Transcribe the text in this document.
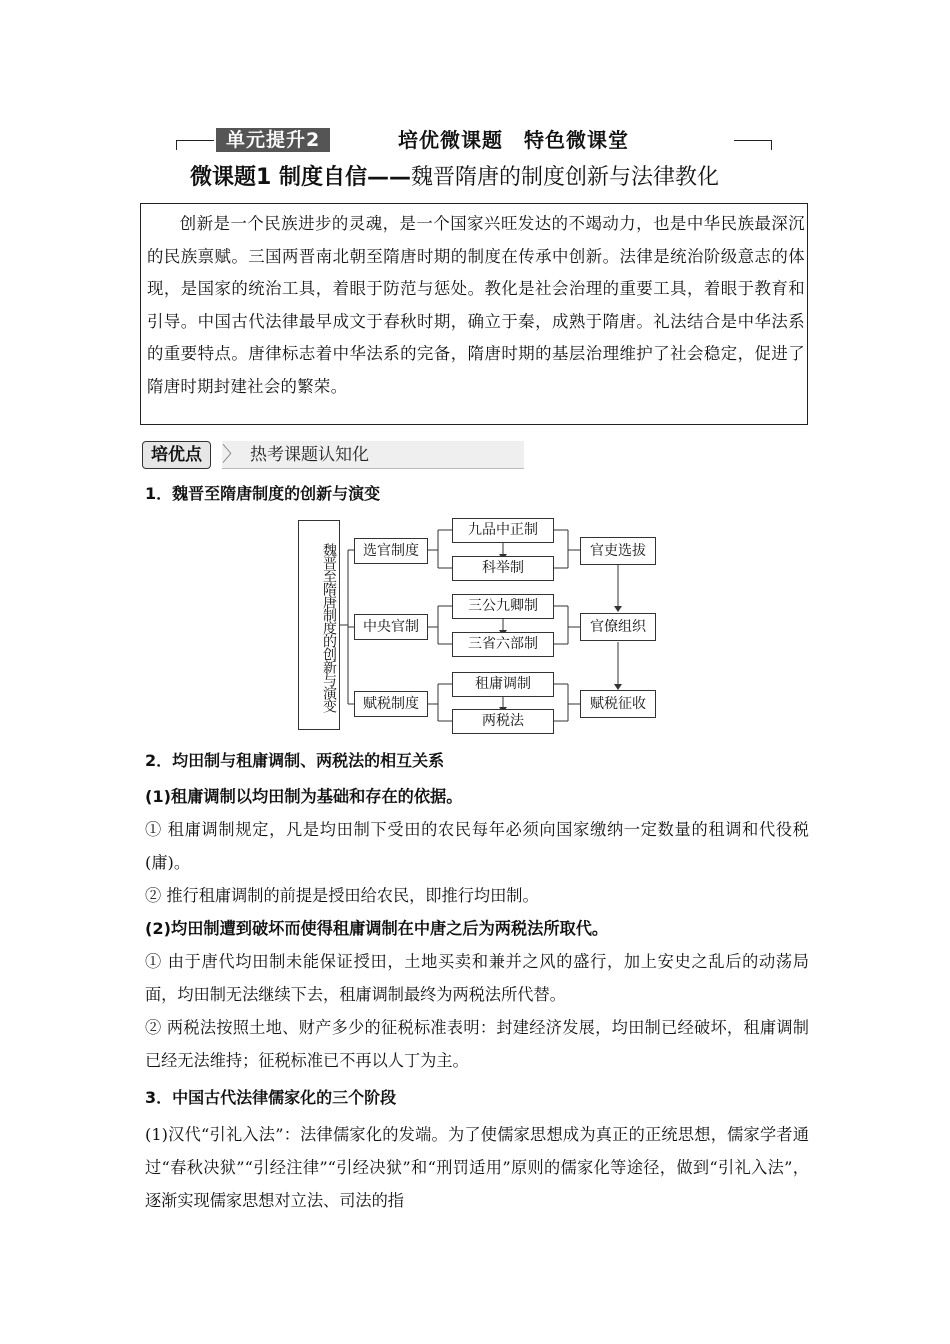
单元提升2	培优微课题　特色微课堂
微课题1 制度自信——魏晋隋唐的制度创新与法律教化

创新是一个民族进步的灵魂，是一个国家兴旺发达的不竭动力，也是中华民族最深沉的民族禀赋。三国两晋南北朝至隋唐时期的制度在传承中创新。法律是统治阶级意志的体现，是国家的统治工具，着眼于防范与惩处。教化是社会治理的重要工具，着眼于教育和引导。中国古代法律最早成文于春秋时期，确立于秦，成熟于隋唐。礼法结合是中华法系的重要特点。唐律标志着中华法系的完备，隋唐时期的基层治理维护了社会稳定，促进了隋唐时期封建社会的繁荣。

培优点	〉 热考课题认知化
1．魏晋至隋唐制度的创新与演变
魏晋至隋唐制度的创新与演变	选官制度
中央官制
赋税制度
九品中正制
科举制
三公九卿制
三省六部制
租庸调制
两税法
官吏选拔
官僚组织
赋税征收
2．均田制与租庸调制、两税法的相互关系

(1)租庸调制以均田制为基础和存在的依据。

① 租庸调制规定，凡是均田制下受田的农民每年必须向国家缴纳一定数量的租调和代役税(庸)。

② 推行租庸调制的前提是授田给农民，即推行均田制。

(2)均田制遭到破坏而使得租庸调制在中唐之后为两税法所取代。

① 由于唐代均田制未能保证授田，土地买卖和兼并之风的盛行，加上安史之乱后的动荡局面，均田制无法继续下去，租庸调制最终为两税法所代替。

② 两税法按照土地、财产多少的征税标准表明：封建经济发展，均田制已经破坏，租庸调制已经无法维持；征税标准已不再以人丁为主。

3．中国古代法律儒家化的三个阶段

(1)汉代“引礼入法”：法律儒家化的发端。为了使儒家思想成为真正的正统思想，儒家学者通过“春秋决狱”“引经注律”“引经决狱”和“刑罚适用”原则的儒家化等途径，做到“引礼入法”，逐渐实现儒家思想对立法、司法的指
